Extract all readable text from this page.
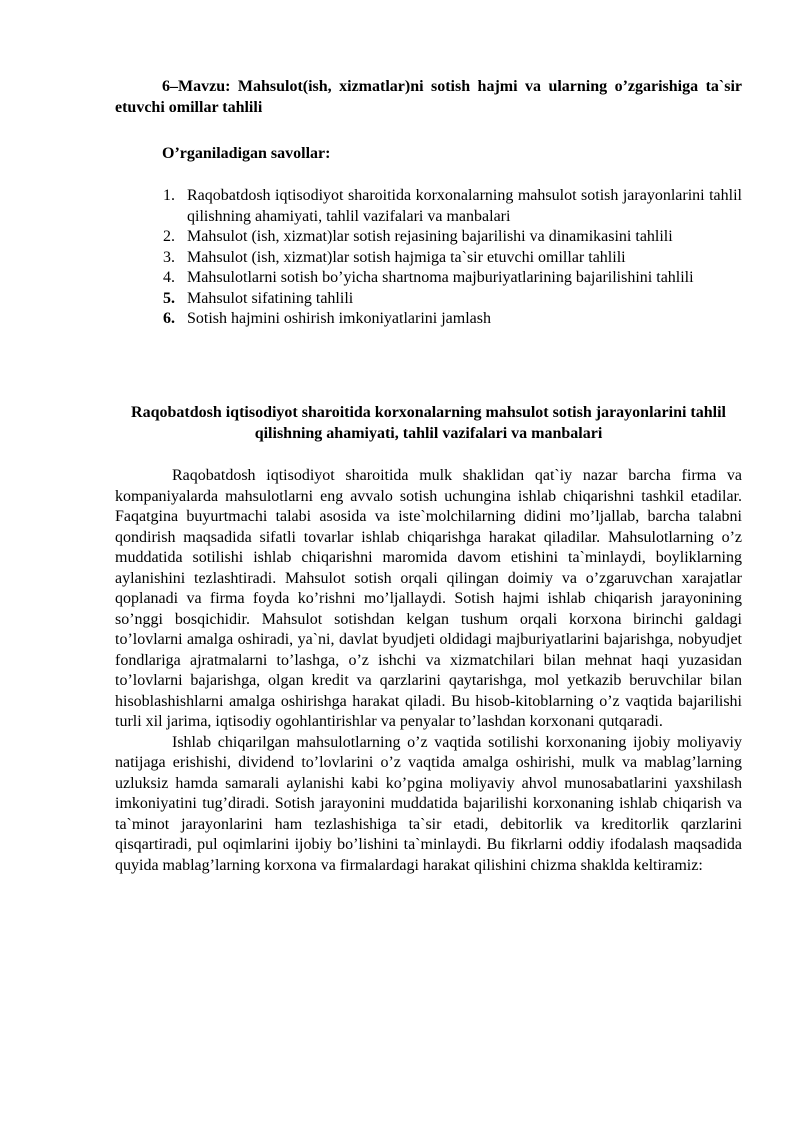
6–Mavzu: Mahsulot(ish, xizmatlar)ni sotish hajmi va ularning o’zgarishiga ta`sir etuvchi omillar tahlili

O’rganiladigan savollar:

1. Raqobatdosh iqtisodiyot sharoitida korxonalarning mahsulot sotish jarayonlarini tahlil qilishning ahamiyati, tahlil vazifalari va manbalari
2. Mahsulot (ish, xizmat)lar sotish rejasining bajarilishi va dinamikasini tahlili
3. Mahsulot (ish, xizmat)lar sotish hajmiga ta`sir etuvchi omillar tahlili
4. Mahsulotlarni sotish bo’yicha shartnoma majburiyatlarining bajarilishini tahlili
5. Mahsulot sifatining tahlili
6. Sotish hajmini oshirish imkoniyatlarini jamlash

Raqobatdosh iqtisodiyot sharoitida korxonalarning mahsulot sotish jarayonlarini tahlil qilishning ahamiyati, tahlil vazifalari va manbalari

Raqobatdosh iqtisodiyot sharoitida mulk shaklidan qat`iy nazar barcha firma va kompaniyalarda mahsulotlarni eng avvalo sotish uchungina ishlab chiqarishni tashkil etadilar. Faqatgina buyurtmachi talabi asosida va iste`molchilarning didini mo’ljallab, barcha talabni qondirish maqsadida sifatli tovarlar ishlab chiqarishga harakat qiladilar. Mahsulotlarning o’z muddatida sotilishi ishlab chiqarishni maromida davom etishini ta`minlaydi, boyliklarning aylanishini tezlashtiradi. Mahsulot sotish orqali qilingan doimiy va o’zgaruvchan xarajatlar qoplanadi va firma foyda ko’rishni mo’ljallaydi. Sotish hajmi ishlab chiqarish jarayonining so’nggi bosqichidir. Mahsulot sotishdan kelgan tushum orqali korxona birinchi galdagi to’lovlarni amalga oshiradi, ya`ni, davlat byudjeti oldidagi majburiyatlarini bajarishga, nobyudjet fondlariga ajratmalarni to’lashga, o’z ishchi va xizmatchilari bilan mehnat haqi yuzasidan to’lovlarni bajarishga, olgan kredit va qarzlarini qaytarishga, mol yetkazib beruvchilar bilan hisoblashishlarni amalga oshirishga harakat qiladi. Bu hisob-kitoblarning o’z vaqtida bajarilishi turli xil jarima, iqtisodiy ogohlantirishlar va penyalar to’lashdan korxonani qutqaradi.

Ishlab chiqarilgan mahsulotlarning o’z vaqtida sotilishi korxonaning ijobiy moliyaviy natijaga erishishi, dividend to’lovlarini o’z vaqtida amalga oshirishi, mulk va mablag’larning uzluksiz hamda samarali aylanishi kabi ko’pgina moliyaviy ahvol munosabatlarini yaxshilash imkoniyatini tug’diradi. Sotish jarayonini muddatida bajarilishi korxonaning ishlab chiqarish va ta`minot jarayonlarini ham tezlashishiga ta`sir etadi, debitorlik va kreditorlik qarzlarini qisqartiradi, pul oqimlarini ijobiy bo’lishini ta`minlaydi. Bu fikrlarni oddiy ifodalash maqsadida quyida mablag’larning korxona va firmalardagi harakat qilishini chizma shaklda keltiramiz:
